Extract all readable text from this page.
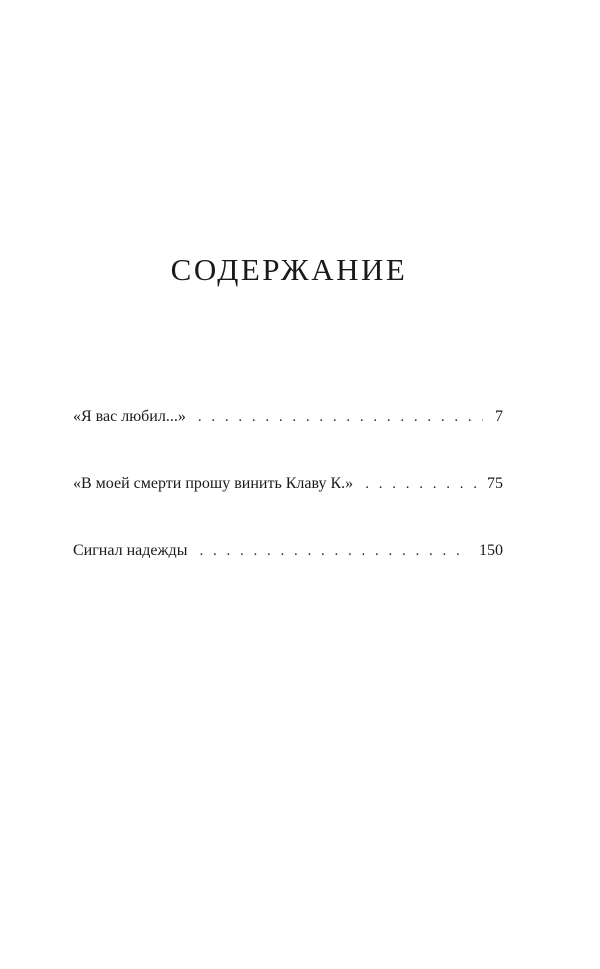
СОДЕРЖАНИЕ
«Я вас любил...» . . .	7
«В моей смерти прошу винить Клаву К.» . . .	75
Сигнал надежды . . .	150
